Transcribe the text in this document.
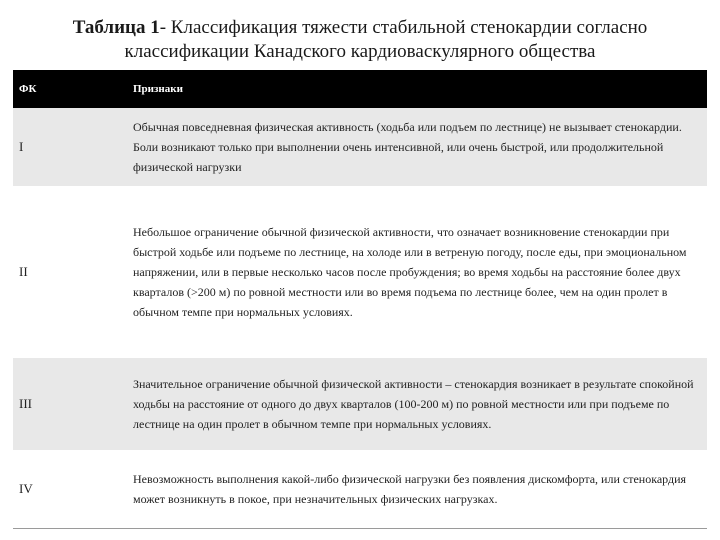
Таблица 1- Классификация тяжести стабильной стенокардии согласно классификации Канадского кардиоваскулярного общества
ФК	Признаки
I
Обычная повседневная физическая активность (ходьба или подъем по лестнице) не вызывает стенокардии. Боли возникают только при выполнении очень интенсивной, или очень быстрой, или продолжительной физической нагрузки
II
Небольшое ограничение обычной физической активности, что означает возникновение стенокардии при быстрой ходьбе или подъеме по лестнице, на холоде или в ветреную погоду, после еды, при эмоциональном напряжении, или в первые несколько часов после пробуждения; во время ходьбы на расстояние более двух кварталов (>200 м) по ровной местности или во время подъема по лестнице более, чем на один пролет в обычном темпе при нормальных условиях.
III
Значительное ограничение обычной физической активности – стенокардия возникает в результате спокойной ходьбы на расстояние от одного до двух кварталов (100-200 м) по ровной местности или при подъеме по лестнице на один пролет в обычном темпе при нормальных условиях.
IV
Невозможность выполнения какой-либо физической нагрузки без появления дискомфорта, или стенокардия может возникнуть в покое, при незначительных физических нагрузках.
